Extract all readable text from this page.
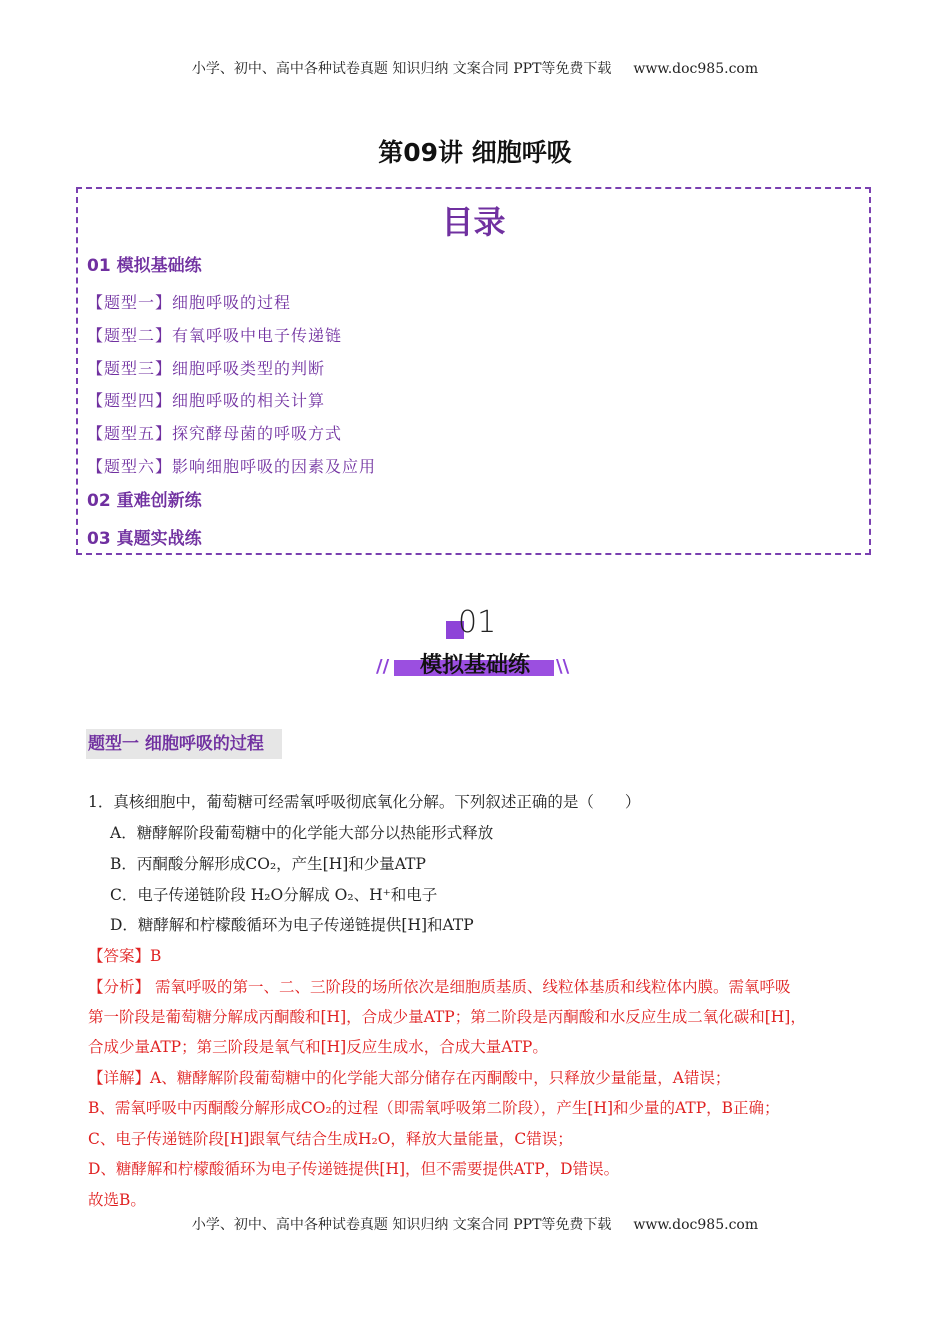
小学、初中、高中各种试卷真题 知识归纳 文案合同 PPT等免费下载 www.doc985.com
第09讲 细胞呼吸
目录
01 模拟基础练
【题型一】细胞呼吸的过程
【题型二】有氧呼吸中电子传递链
【题型三】细胞呼吸类型的判断
【题型四】细胞呼吸的相关计算
【题型五】探究酵母菌的呼吸方式
【题型六】影响细胞呼吸的因素及应用
02 重难创新练
03 真题实战练
01
模拟基础练
//	\\
题型一 细胞呼吸的过程
1．真核细胞中，葡萄糖可经需氧呼吸彻底氧化分解。下列叙述正确的是（　　）
A．糖酵解阶段葡萄糖中的化学能大部分以热能形式释放
B．丙酮酸分解形成CO₂，产生[H]和少量ATP
C．电子传递链阶段 H₂O分解成 O₂、H⁺和电子
D．糖酵解和柠檬酸循环为电子传递链提供[H]和ATP
【答案】B
【分析】 需氧呼吸的第一、二、三阶段的场所依次是细胞质基质、线粒体基质和线粒体内膜。需氧呼吸
第一阶段是葡萄糖分解成丙酮酸和[H]，合成少量ATP；第二阶段是丙酮酸和水反应生成二氧化碳和[H]，
合成少量ATP；第三阶段是氧气和[H]反应生成水，合成大量ATP。
【详解】A、糖酵解阶段葡萄糖中的化学能大部分储存在丙酮酸中，只释放少量能量，A错误；
B、需氧呼吸中丙酮酸分解形成CO₂的过程（即需氧呼吸第二阶段），产生[H]和少量的ATP，B正确；
C、电子传递链阶段[H]跟氧气结合生成H₂O，释放大量能量，C错误；
D、糖酵解和柠檬酸循环为电子传递链提供[H]，但不需要提供ATP，D错误。
故选B。
小学、初中、高中各种试卷真题 知识归纳 文案合同 PPT等免费下载 www.doc985.com
